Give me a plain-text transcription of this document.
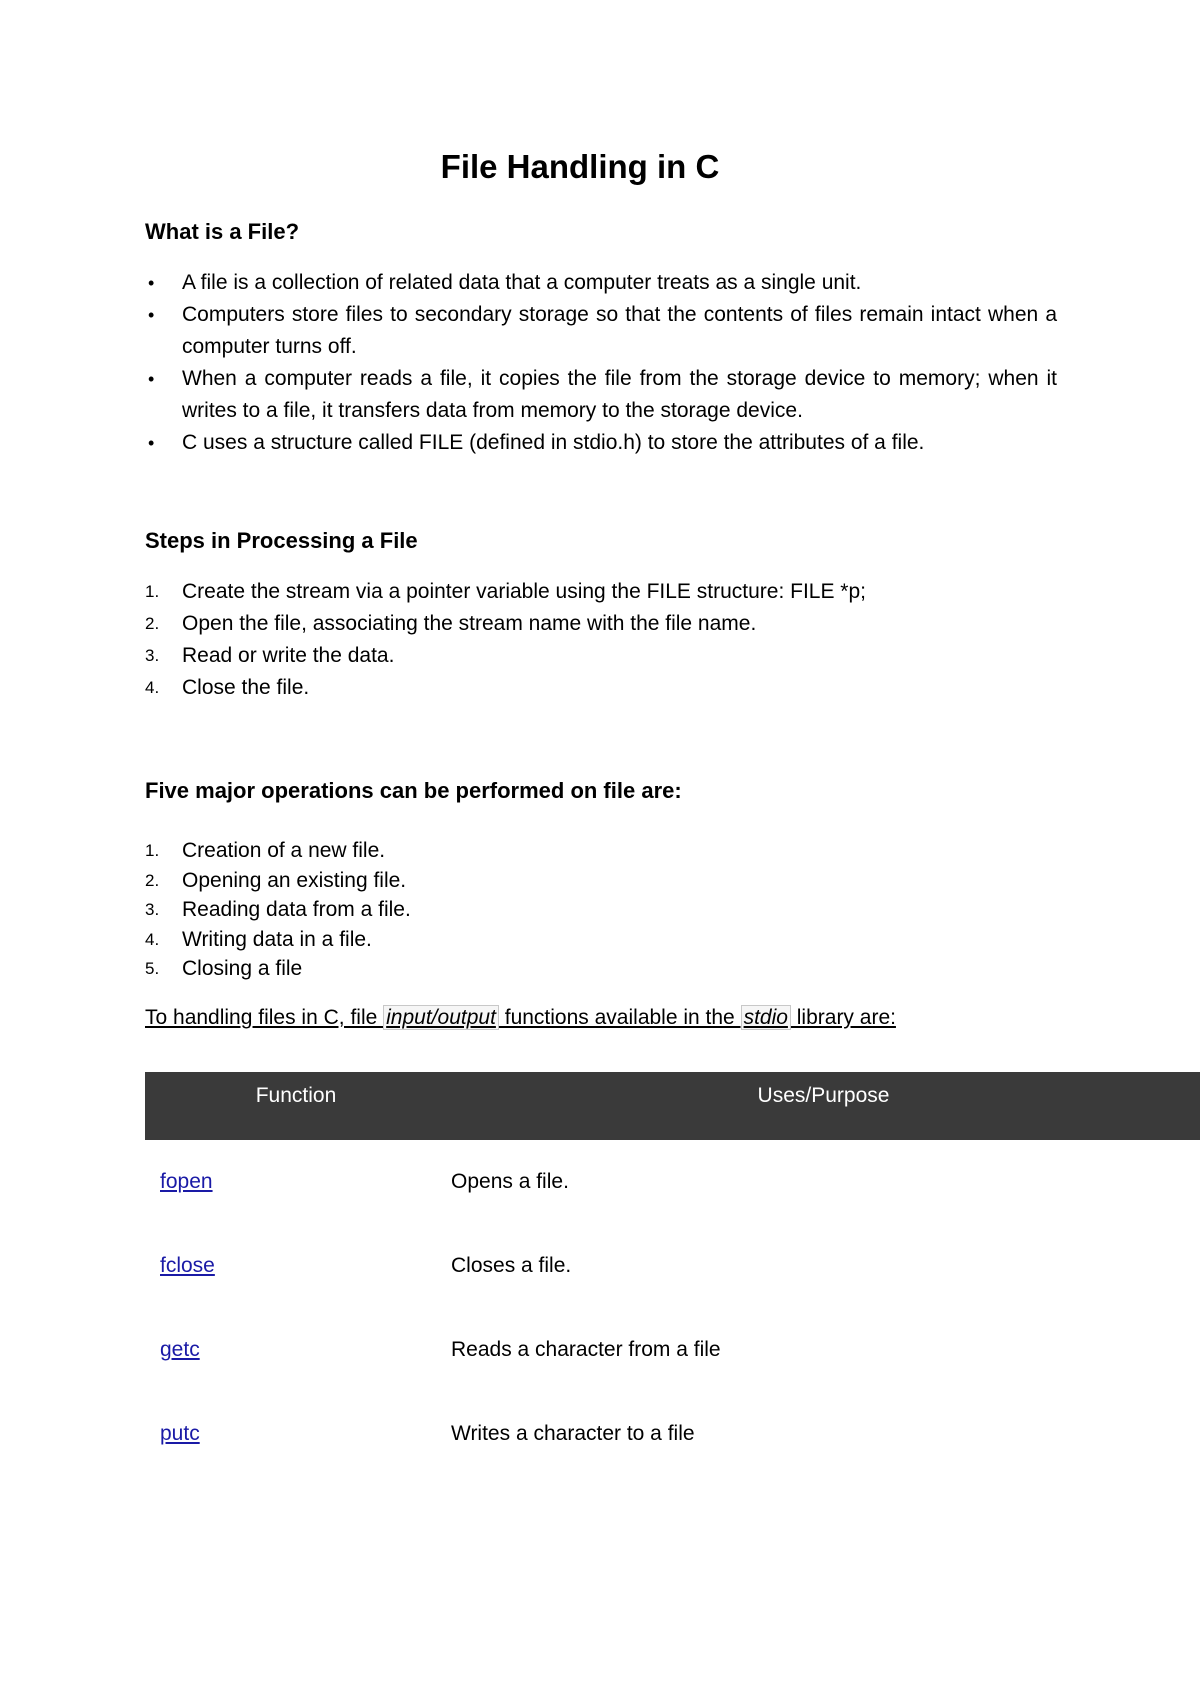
File Handling in C
What is a File?
• A file is a collection of related data that a computer treats as a single unit.
• Computers store files to secondary storage so that the contents of files remain intact when a computer turns off.
• When a computer reads a file, it copies the file from the storage device to memory; when it writes to a file, it transfers data from memory to the storage device.
• C uses a structure called FILE (defined in stdio.h) to store the attributes of a file.
Steps in Processing a File
1. Create the stream via a pointer variable using the FILE structure: FILE *p;
2. Open the file, associating the stream name with the file name.
3. Read or write the data.
4. Close the file.
Five major operations can be performed on file are:
1. Creation of a new file.
2. Opening an existing file.
3. Reading data from a file.
4. Writing data in a file.
5. Closing a file

To handling files in C, file input/output functions available in the stdio library are:

Function	Uses/Purpose
fopen	Opens a file.
fclose	Closes a file.
getc	Reads a character from a file
putc	Writes a character to a file
